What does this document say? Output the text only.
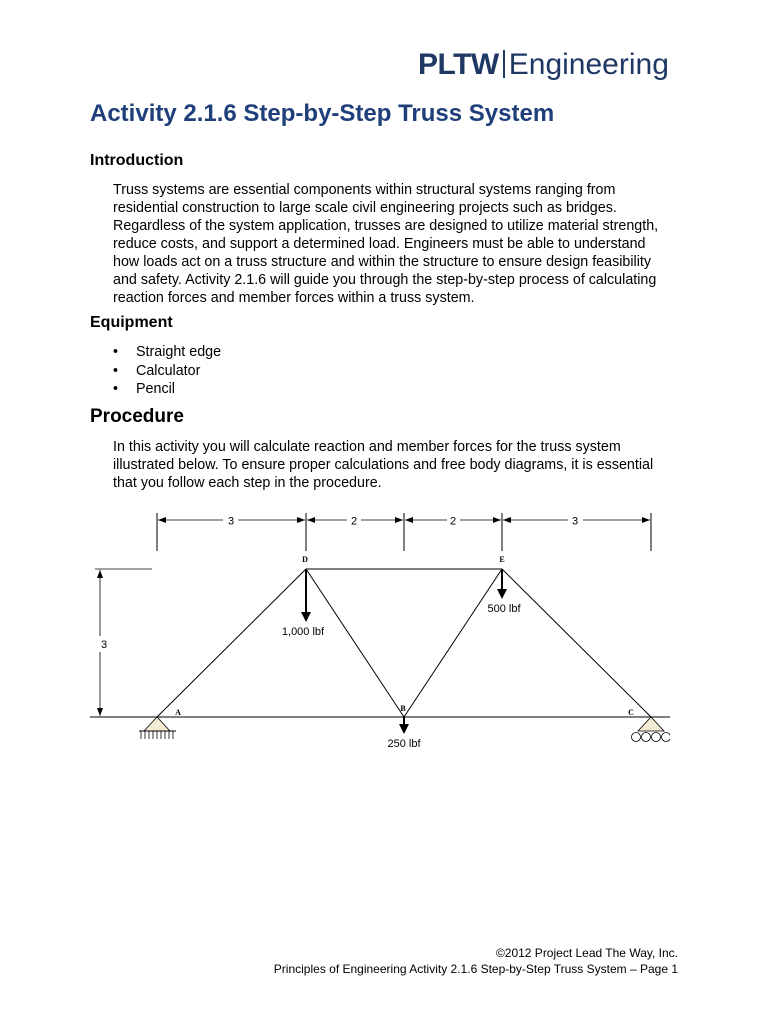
PLTW Engineering
Activity 2.1.6 Step-by-Step Truss System
Introduction

Truss systems are essential components within structural systems ranging from residential construction to large scale civil engineering projects such as bridges. Regardless of the system application, trusses are designed to utilize material strength, reduce costs, and support a determined load. Engineers must be able to understand how loads act on a truss structure and within the structure to ensure design feasibility and safety. Activity 2.1.6 will guide you through the step-by-step process of calculating reaction forces and member forces within a truss system.

Equipment
• Straight edge
• Calculator
• Pencil
Procedure

In this activity you will calculate reaction and member forces for the truss system illustrated below. To ensure proper calculations and free body diagrams, it is essential that you follow each step in the procedure.

3	2	2	3
3
D	E
A	B	C
1,000 lbf
500 lbf
250 lbf
©2012 Project Lead The Way, Inc.
Principles of Engineering Activity 2.1.6 Step-by-Step Truss System – Page 1
